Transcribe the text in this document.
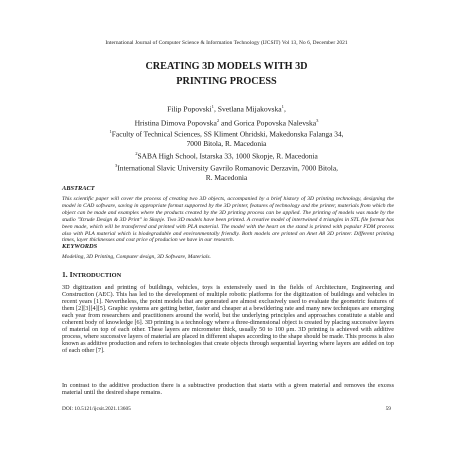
International Journal of Computer Science & Information Technology (IJCSIT) Vol 13, No 6, December 2021
CREATING 3D MODELS WITH 3D
PRINTING PROCESS
Filip Popovski$^1$, Svetlana Mijakovska$^1$,
Hristina Dimova Popovska$^2$ and Gorica Popovska Nalevska$^3$
$^1$Faculty of Technical Sciences, SS Kliment Ohridski, Makedonska Falanga 34,
7000 Bitola, R. Macedonia
$^2$SABA High School, Istarska 33, 1000 Skopje, R. Macedonia
$^3$International Slavic University Gavrilo Romanovic Derzavin, 7000 Bitola,
R. Macedonia
ABSTRACT
This scientific paper will cover the process of creating two 3D objects, accompanied by a brief history of 3D printing technology, designing the model in CAD software, saving in appropriate format supported by the 3D printer, features of technology and the printer, materials from which the object can be made and examples where the products created by the 3D printing process can be applied. The printing of models was made by the studio "Xtrude Design & 3D Print" in Skopje. Two 3D models have been printed. A creative model of intertwined 4 triangles in STL file format has been made, which will be transferred and printed with PLA material. The model with the heart on the stand is printed with popular FDM process also with PLA material which is biodegradable and environmentally friendly. Both models are printed on Anet A8 3D printer. Different printing times, layer thicknesses and cost price of producion we have in our research.
KEYWORDS
Modeling, 3D Printing, Computer design, 3D Software, Materials.
1. INTRODUCTION
3D digitization and printing of buildings, vehicles, toys is extensively used in the fields of Architecture, Engineering and Construction (AEC). This has led to the development of multiple robotic platforms for the digitization of buildings and vehicles in recent years [1]. Nevertheless, the point models that are generated are almost exclusively used to evaluate the geometric features of them [2][3][4][5]. Graphic systems are getting better, faster and cheaper at a bewildering rate and many new techniques are emerging each year from researchers and practitioners around the world, but the underlying principles and approaches constitute a stable and coherent body of knowledge [6]. 3D printing is a technology where a three-dimensional object is created by placing successive layers of material on top of each other. These layers are micrometer thick, usually 50 to 100 μm. 3D printing is achieved with additive process, where successive layers of material are placed in different shapes according to the shape should be made. This process is also known as additive production and refers to technologies that create objects through sequential layering where layers are added on top of each other [7].
In contrast to the additive production there is a subtractive production that starts with a given material and removes the excess material until the desired shape remains.
DOI: 10.5121/ijcsit.2021.13605	59
